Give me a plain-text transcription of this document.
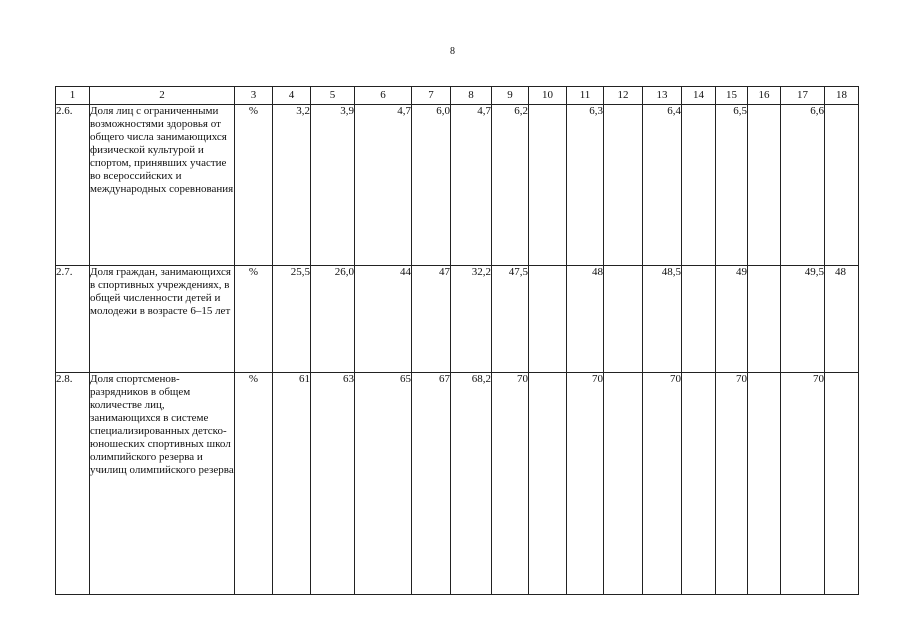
8
1	2	3	4	5	6	7	8	9	10	11	12	13	14	15	16	17	18
2.6.	Доля лиц с ограниченными возможностями здоровья от общего числа занимающихся физической культурой и спортом, принявших участие во всероссийских и международных соревнования	%	3,2	3,9	4,7	6,0	4,7	6,2		6,3		6,4		6,5		6,6	
2.7.	Доля граждан, занимающихся в спортивных учреждениях, в общей численности детей и молодежи в возрасте 6–15 лет	%	25,5	26,0	44	47	32,2	47,5		48		48,5		49		49,5	48
2.8.	Доля спортсменов-разрядников в общем количестве лиц, занимающихся в системе специализированных детско-юношеских спортивных школ олимпийского резерва и училищ олимпийского резерва	%	61	63	65	67	68,2	70		70		70		70		70	
